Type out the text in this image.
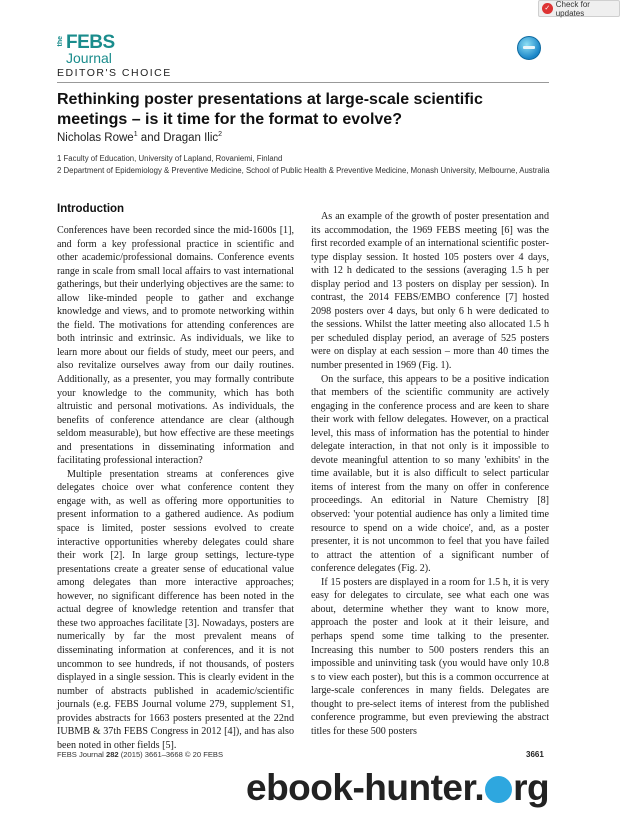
✓ Check for updates
the FEBS
Journal
EDITOR'S CHOICE
Rethinking poster presentations at large-scale scientific meetings – is it time for the format to evolve?
Nicholas Rowe$^1$ and Dragan Ilic$^2$
1 Faculty of Education, University of Lapland, Rovaniemi, Finland
2 Department of Epidemiology & Preventive Medicine, School of Public Health & Preventive Medicine, Monash University, Melbourne, Australia
Introduction

Conferences have been recorded since the mid-1600s [1], and form a key professional practice in scientific and other academic/professional domains. Conference events range in scale from small local affairs to vast international gatherings, but their underlying objectives are the same: to allow like-minded people to gather and exchange knowledge and views, and to promote networking within the field. The motivations for attending conferences are both intrinsic and extrinsic. As individuals, we like to learn more about our fields of study, meet our peers, and also revitalize ourselves away from our daily routines. Additionally, as a presenter, you may formally contribute your knowledge to the community, which has both altruistic and personal motivations. As individuals, the benefits of conference attendance are clear (although seldom measurable), but how effective are these meetings and presentations in disseminating information and facilitating professional interaction?

Multiple presentation streams at conferences give delegates choice over what conference content they engage with, as well as offering more opportunities to present information to a gathered audience. As podium space is limited, poster sessions evolved to create interactive opportunities whereby delegates could share their work [2]. In large group settings, lecture-type presentations create a greater sense of educational value among delegates than more interactive approaches; however, no significant difference has been noted in the actual degree of knowledge retention and transfer that these two approaches facilitate [3]. Nowadays, posters are numerically by far the most prevalent means of disseminating information at conferences, and it is not uncommon to see hundreds, if not thousands, of posters displayed in a single session. This is clearly evident in the number of abstracts published in academic/scientific journals (e.g. FEBS Journal volume 279, supplement S1, provides abstracts for 1663 posters presented at the 22nd IUBMB & 37th FEBS Congress in 2012 [4]), and has also been noted in other fields [5].

As an example of the growth of poster presentation and its accommodation, the 1969 FEBS meeting [6] was the first recorded example of an international scientific poster-type display session. It hosted 105 posters over 4 days, with 12 h dedicated to the sessions (averaging 1.5 h per display period and 13 posters on display per session). In contrast, the 2014 FEBS/EMBO conference [7] hosted 2098 posters over 4 days, but only 6 h were dedicated to the sessions. Whilst the latter meeting also allocated 1.5 h per scheduled display period, an average of 525 posters were on display at each session – more than 40 times the number presented in 1969 (Fig. 1).

On the surface, this appears to be a positive indication that members of the scientific community are actively engaging in the conference process and are keen to share their work with fellow delegates. However, on a practical level, this mass of information has the potential to hinder delegate interaction, in that not only is it impossible to devote meaningful attention to so many 'exhibits' in the time available, but it is also difficult to select particular items of interest from the many on offer in conference proceedings. An editorial in Nature Chemistry [8] observed: 'your potential audience has only a limited time resource to spend on a wide choice', and, as a poster presenter, it is not uncommon to feel that you have failed to attract the attention of a significant number of conference delegates (Fig. 2).

If 15 posters are displayed in a room for 1.5 h, it is very easy for delegates to circulate, see what each one was about, determine whether they want to know more, approach the poster and look at it their leisure, and perhaps spend some time talking to the presenter. Increasing this number to 500 posters renders this an impossible and uninviting task (you would have only 10.8 s to view each poster), but this is a common occurrence at large-scale conferences in many fields. Delegates are thought to pre-select items of interest from the published conference programme, but even previewing the abstract titles for these 500 posters

FEBS Journal 282 (2015) 3661–3668 © 20 FEBS	3661
ebook-hunter. rg
